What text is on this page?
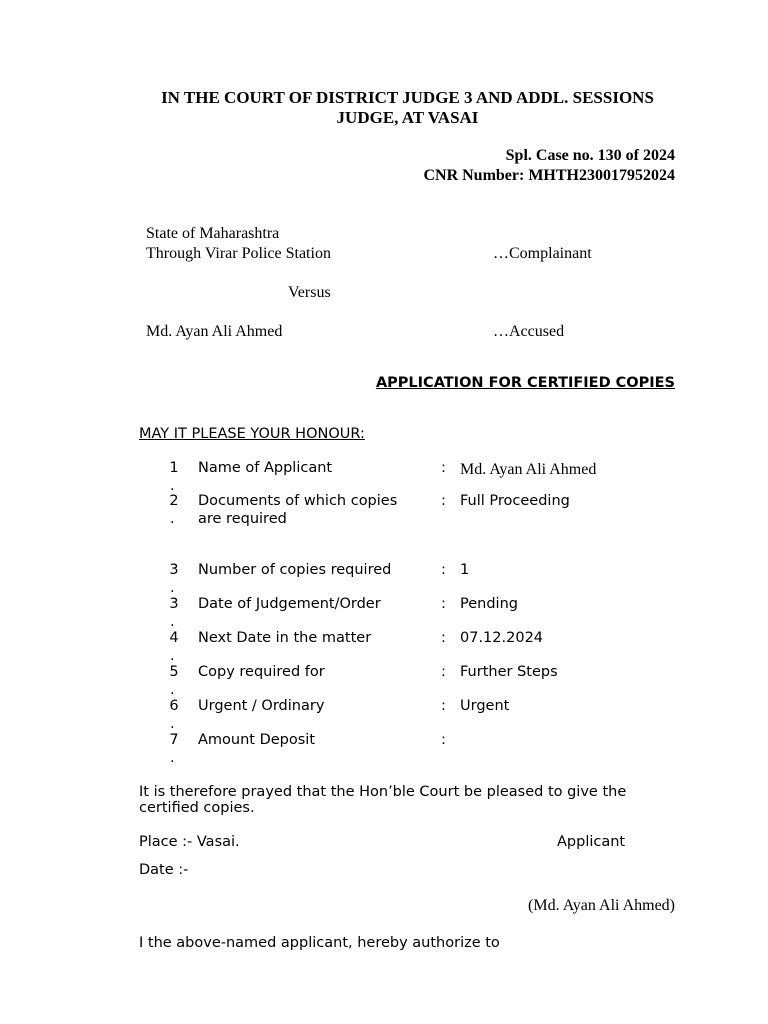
IN THE COURT OF DISTRICT JUDGE 3 AND ADDL. SESSIONS JUDGE, AT VASAI
Spl. Case no. 130 of 2024
CNR Number: MHTH230017952024
State of Maharashtra
Through Virar Police Station	…Complainant
Versus
Md. Ayan Ali Ahmed	…Accused
APPLICATION FOR CERTIFIED COPIES
MAY IT PLEASE YOUR HONOUR:
1
.
Name of Applicant	: Md. Ayan Ali Ahmed
2
.
Documents of which copies
are required
: Full Proceeding
3
.
Number of copies required	: 1
3
.
Date of Judgement/Order	: Pending
4
.
Next Date in the matter	: 07.12.2024
5
.
Copy required for	: Further Steps
6
.
Urgent / Ordinary	: Urgent
7
.
Amount Deposit	:
It is therefore prayed that the Hon’ble Court be pleased to give the
certified copies.
Place :- Vasai.	Applicant
Date :-
(Md. Ayan Ali Ahmed)
I the above-named applicant, hereby authorize to
